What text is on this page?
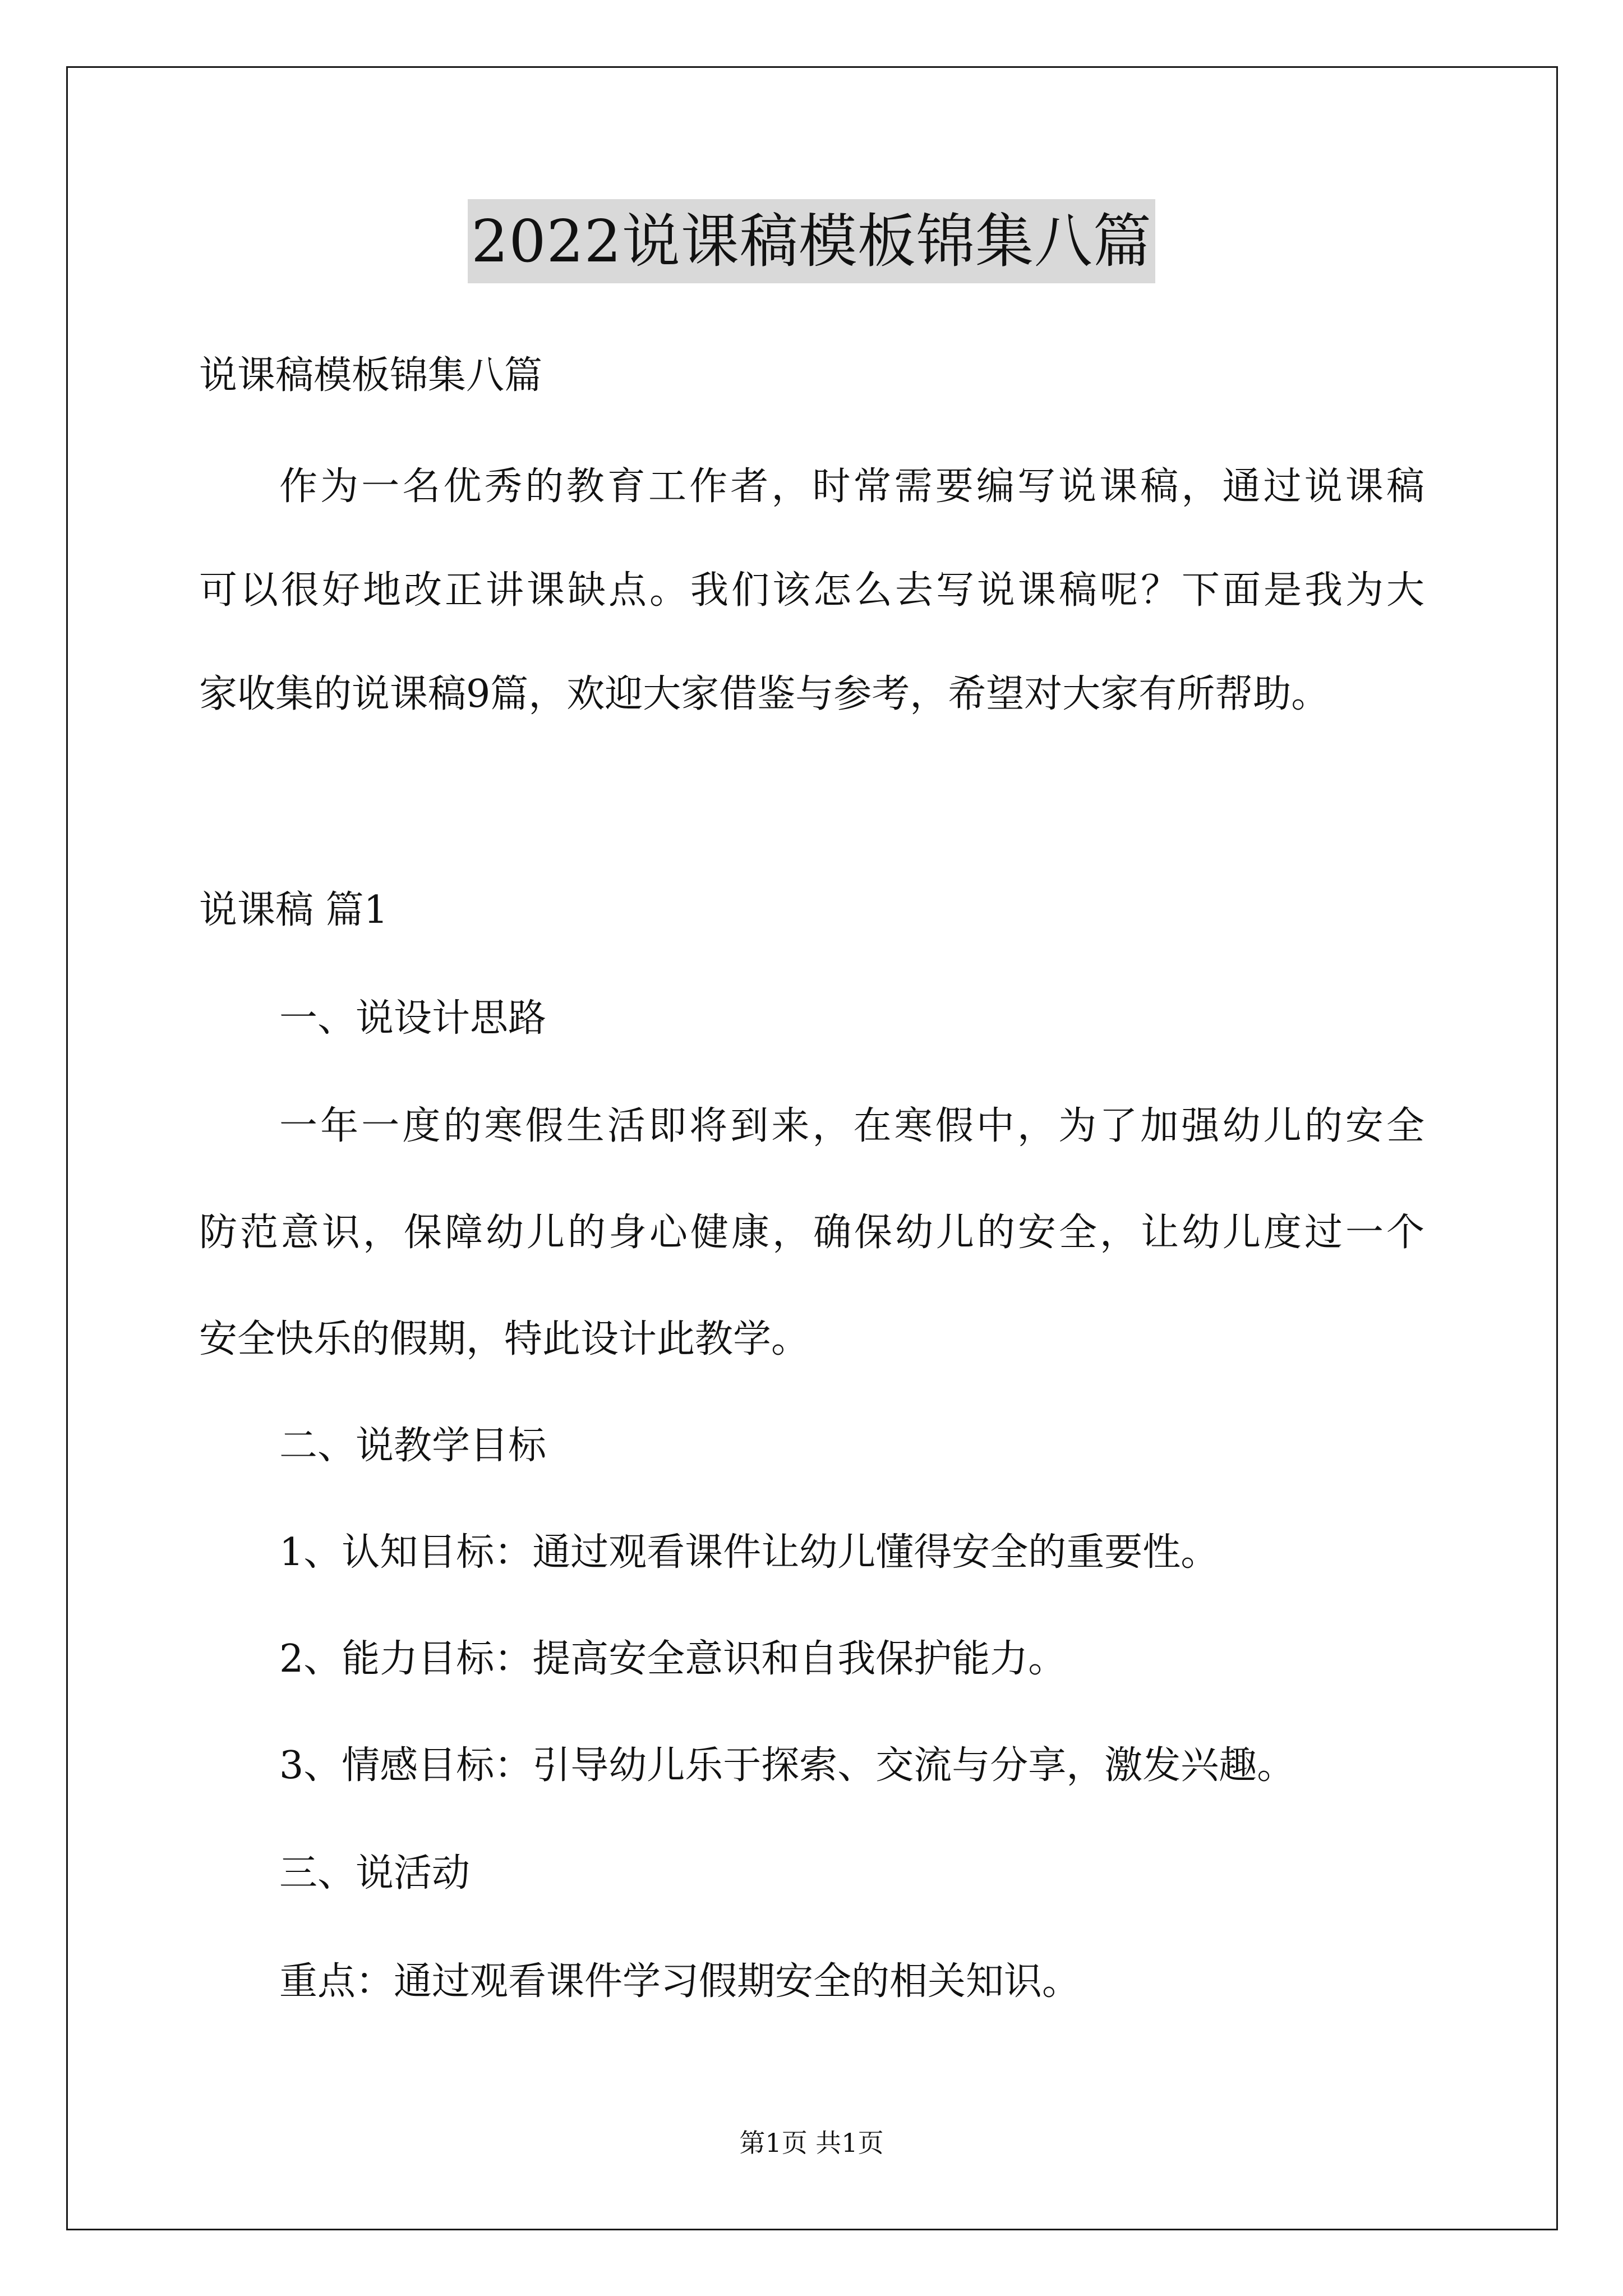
2022说课稿模板锦集八篇
说课稿模板锦集八篇
作为一名优秀的教育工作者，时常需要编写说课稿，通过说课稿
可以很好地改正讲课缺点。我们该怎么去写说课稿呢？下面是我为大
家收集的说课稿9篇，欢迎大家借鉴与参考，希望对大家有所帮助。
说课稿 篇1
一、说设计思路
一年一度的寒假生活即将到来，在寒假中，为了加强幼儿的安全
防范意识，保障幼儿的身心健康，确保幼儿的安全，让幼儿度过一个
安全快乐的假期，特此设计此教学。
二、说教学目标
1、认知目标：通过观看课件让幼儿懂得安全的重要性。
2、能力目标：提高安全意识和自我保护能力。
3、情感目标：引导幼儿乐于探索、交流与分享，激发兴趣。
三、说活动
重点：通过观看课件学习假期安全的相关知识。
第1页 共1页
